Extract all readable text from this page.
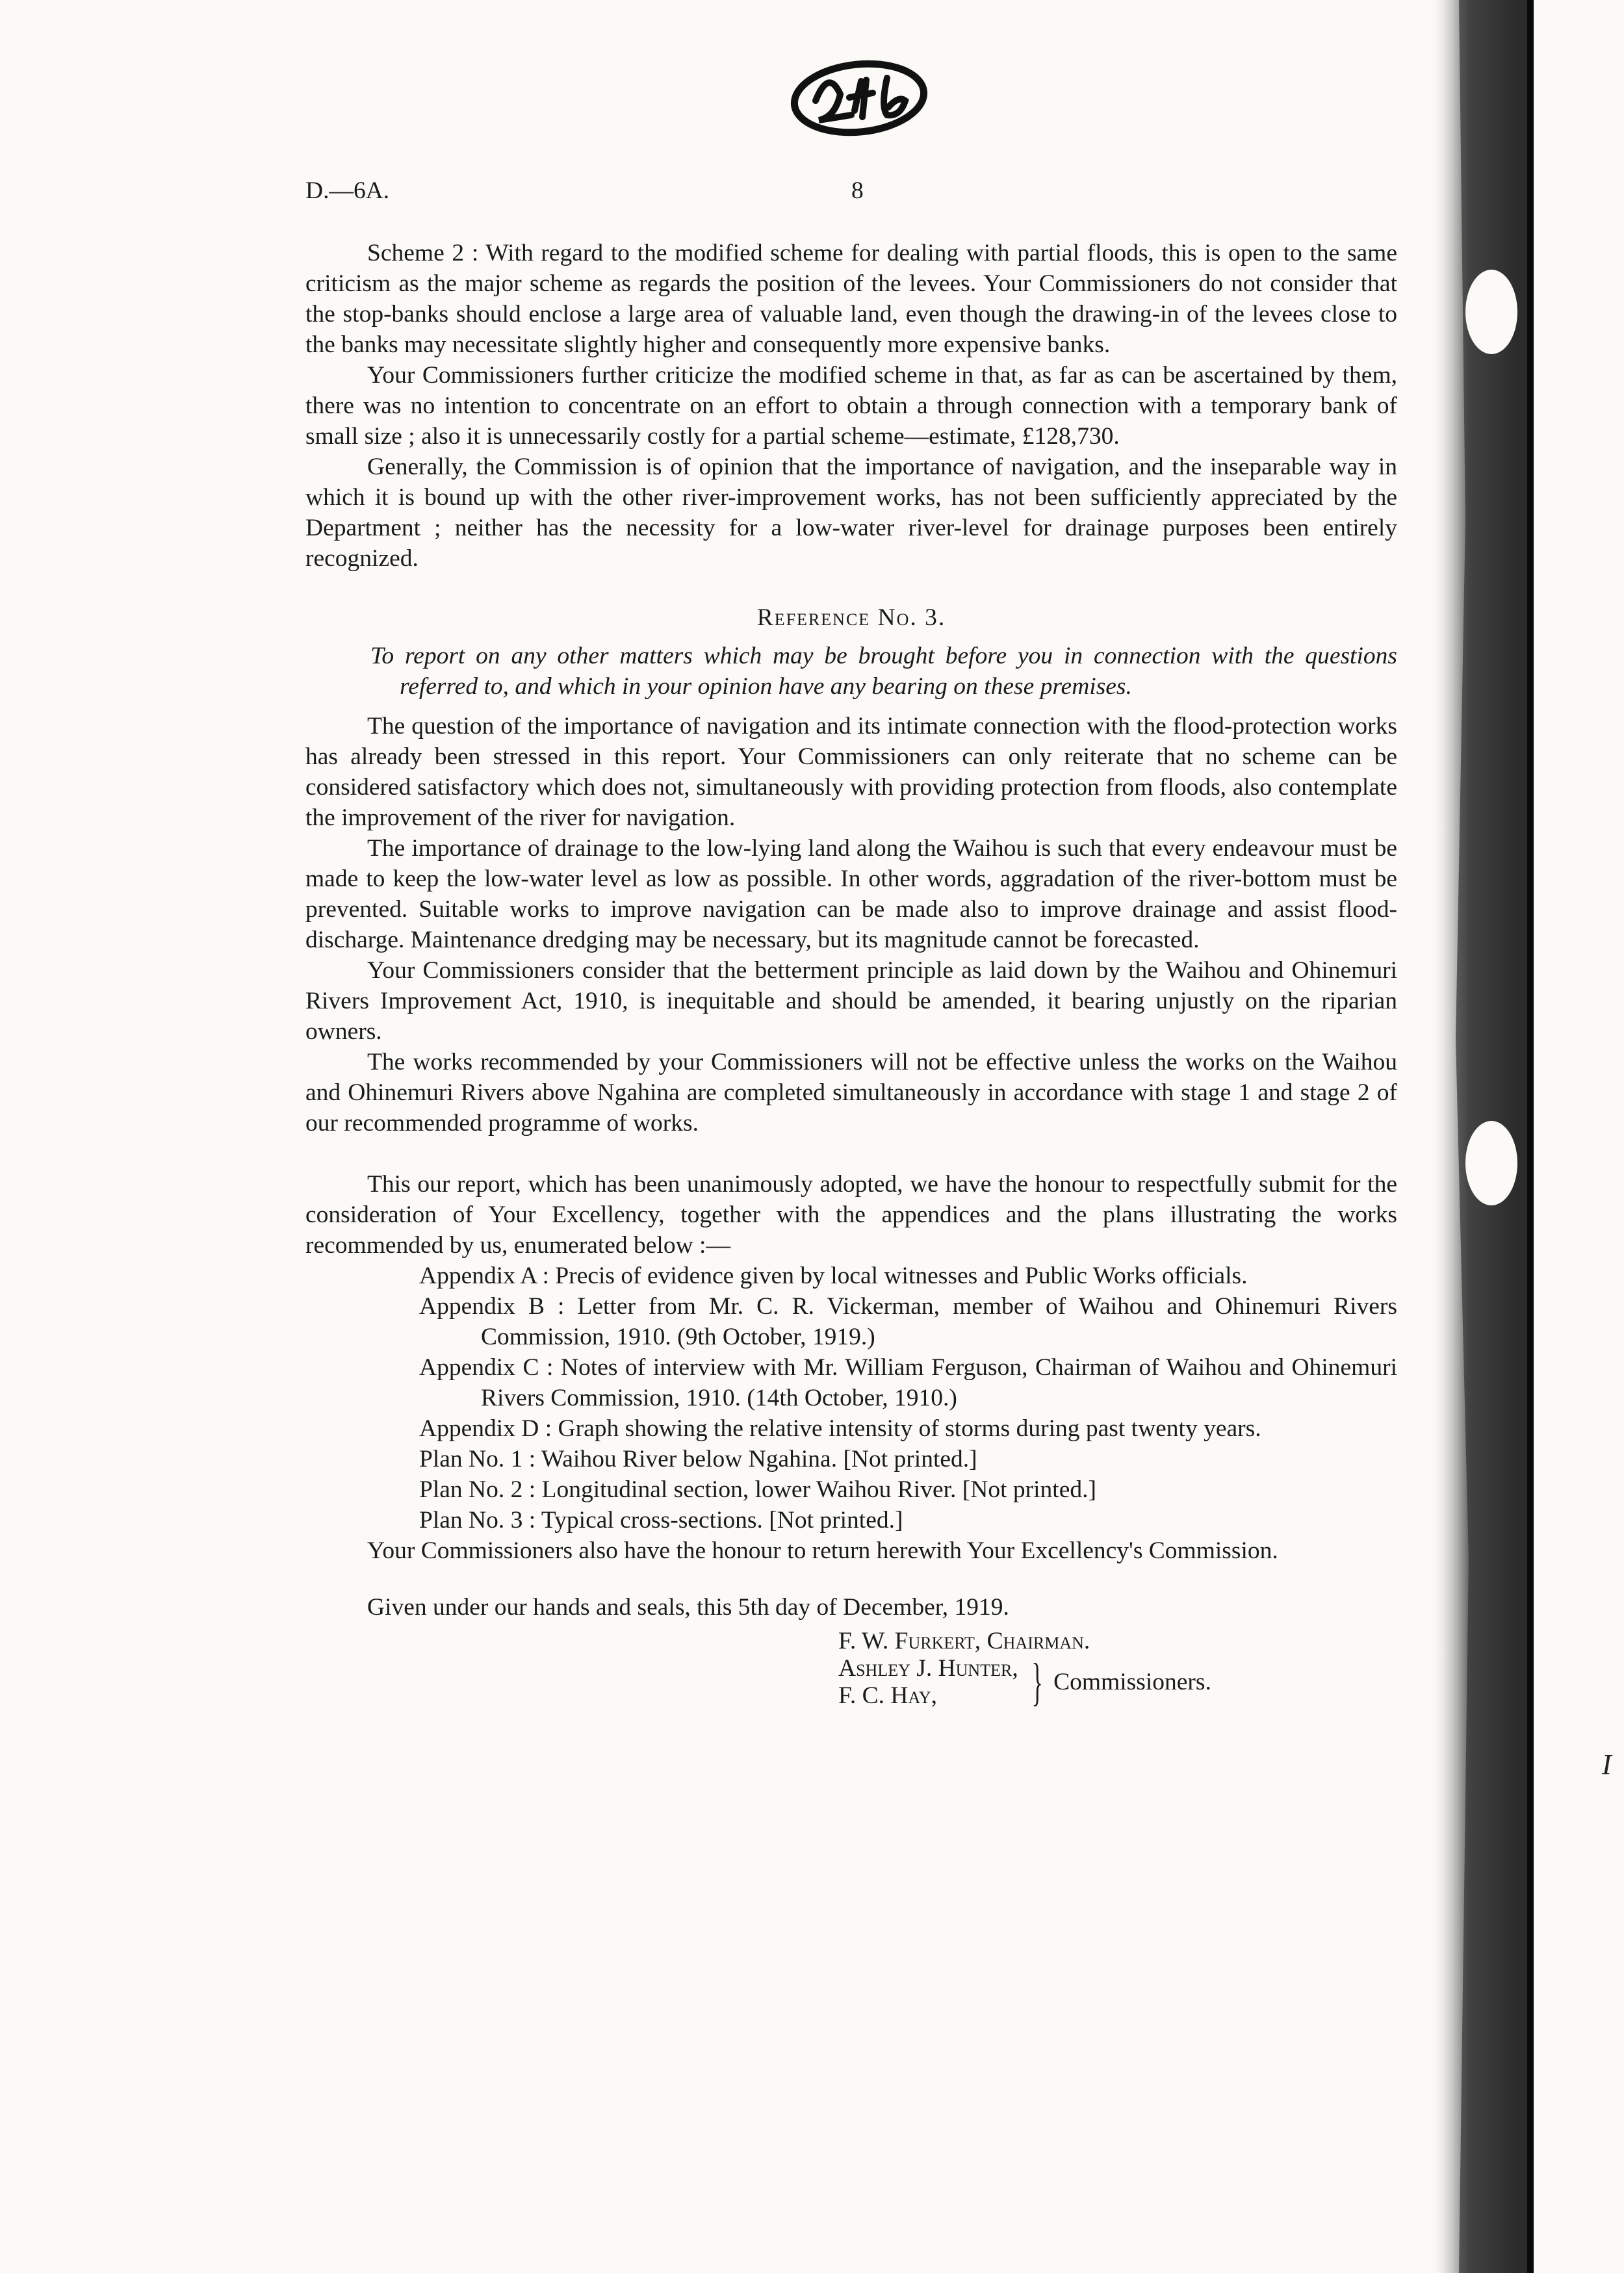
I
D.—6A.	8

Scheme 2 : With regard to the modified scheme for dealing with partial floods, this is open to the same criticism as the major scheme as regards the position of the levees. Your Commissioners do not consider that the stop-banks should enclose a large area of valuable land, even though the drawing-in of the levees close to the banks may necessitate slightly higher and consequently more expensive banks.

Your Commissioners further criticize the modified scheme in that, as far as can be ascertained by them, there was no intention to concentrate on an effort to obtain a through connection with a temporary bank of small size ; also it is unnecessarily costly for a partial scheme—estimate, £128,730.

Generally, the Commission is of opinion that the importance of navigation, and the inseparable way in which it is bound up with the other river-improvement works, has not been sufficiently appreciated by the Department ; neither has the necessity for a low-water river-level for drainage purposes been entirely recognized.

Reference No. 3.
To report on any other matters which may be brought before you in connection with the questions referred to, and which in your opinion have any bearing on these premises.

The question of the importance of navigation and its intimate connection with the flood-protection works has already been stressed in this report. Your Commissioners can only reiterate that no scheme can be considered satisfactory which does not, simultaneously with providing protection from floods, also contemplate the improvement of the river for navigation.

The importance of drainage to the low-lying land along the Waihou is such that every endeavour must be made to keep the low-water level as low as possible. In other words, aggradation of the river-bottom must be prevented. Suitable works to improve navigation can be made also to improve drainage and assist flood-discharge. Maintenance dredging may be necessary, but its magnitude cannot be forecasted.

Your Commissioners consider that the betterment principle as laid down by the Waihou and Ohinemuri Rivers Improvement Act, 1910, is inequitable and should be amended, it bearing unjustly on the riparian owners.

The works recommended by your Commissioners will not be effective unless the works on the Waihou and Ohinemuri Rivers above Ngahina are completed simultaneously in accordance with stage 1 and stage 2 of our recommended programme of works.

This our report, which has been unanimously adopted, we have the honour to respectfully submit for the consideration of Your Excellency, together with the appendices and the plans illustrating the works recommended by us, enumerated below :—

Appendix A : Precis of evidence given by local witnesses and Public Works officials.
Appendix B : Letter from Mr. C. R. Vickerman, member of Waihou and Ohinemuri Rivers Commission, 1910. (9th October, 1919.)
Appendix C : Notes of interview with Mr. William Ferguson, Chairman of Waihou and Ohinemuri Rivers Commission, 1910. (14th October, 1910.)
Appendix D : Graph showing the relative intensity of storms during past twenty years.
Plan No. 1 : Waihou River below Ngahina. [Not printed.]
Plan No. 2 : Longitudinal section, lower Waihou River. [Not printed.]
Plan No. 3 : Typical cross-sections. [Not printed.]

Your Commissioners also have the honour to return herewith Your Excellency's Commission.

Given under our hands and seals, this 5th day of December, 1919.

F. W. Furkert, Chairman.
Ashley J. Hunter,
F. C. Hay,	} Commissioners.
